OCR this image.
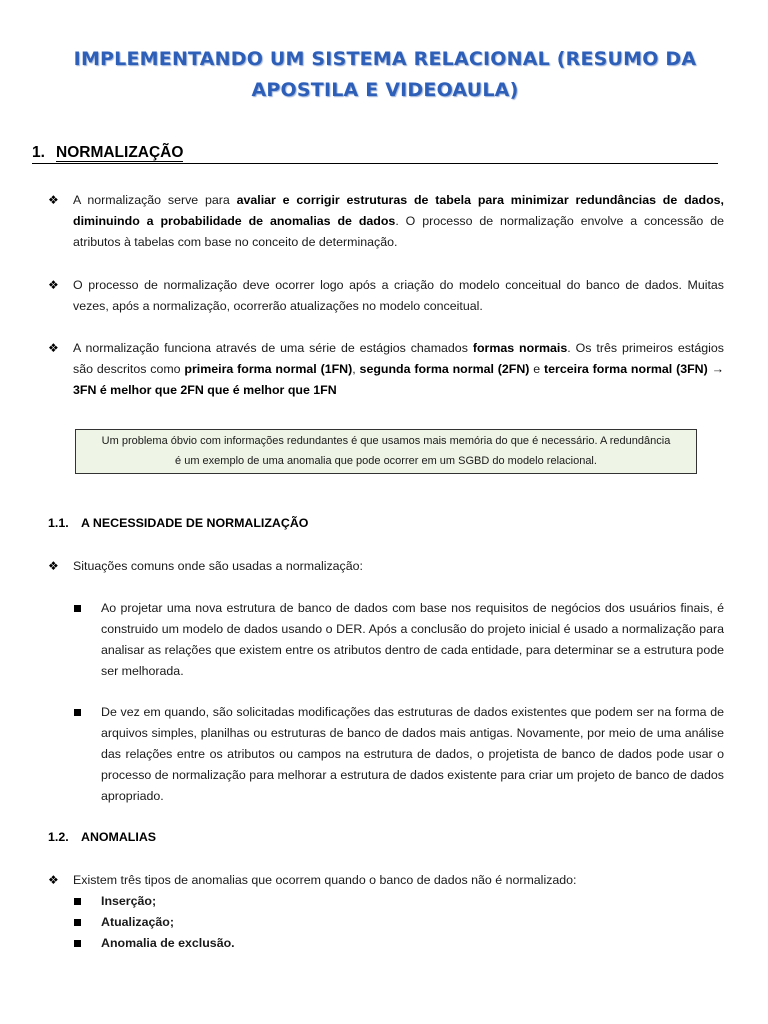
IMPLEMENTANDO UM SISTEMA RELACIONAL (RESUMO DA
APOSTILA E VIDEOAULA)
1. NORMALIZAÇÃO
❖ A normalização serve para avaliar e corrigir estruturas de tabela para minimizar redundâncias de dados, diminuindo a probabilidade de anomalias de dados. O processo de normalização envolve a concessão de atributos à tabelas com base no conceito de determinação.
❖ O processo de normalização deve ocorrer logo após a criação do modelo conceitual do banco de dados. Muitas vezes, após a normalização, ocorrerão atualizações no modelo conceitual.
❖ A normalização funciona através de uma série de estágios chamados formas normais. Os três primeiros estágios são descritos como primeira forma normal (1FN), segunda forma normal (2FN) e terceira forma normal (3FN) → 3FN é melhor que 2FN que é melhor que 1FN
Um problema óbvio com informações redundantes é que usamos mais memória do que é necessário. A redundância
é um exemplo de uma anomalia que pode ocorrer em um SGBD do modelo relacional.
1.1. A NECESSIDADE DE NORMALIZAÇÃO
❖ Situações comuns onde são usadas a normalização:
Ao projetar uma nova estrutura de banco de dados com base nos requisitos de negócios dos usuários finais, é construido um modelo de dados usando o DER. Após a conclusão do projeto inicial é usado a normalização para analisar as relações que existem entre os atributos dentro de cada entidade, para determinar se a estrutura pode ser melhorada.
De vez em quando, são solicitadas modificações das estruturas de dados existentes que podem ser na forma de arquivos simples, planilhas ou estruturas de banco de dados mais antigas. Novamente, por meio de uma análise das relações entre os atributos ou campos na estrutura de dados, o projetista de banco de dados pode usar o processo de normalização para melhorar a estrutura de dados existente para criar um projeto de banco de dados apropriado.
1.2. ANOMALIAS
❖ Existem três tipos de anomalias que ocorrem quando o banco de dados não é normalizado:
Inserção;
Atualização;
Anomalia de exclusão.
